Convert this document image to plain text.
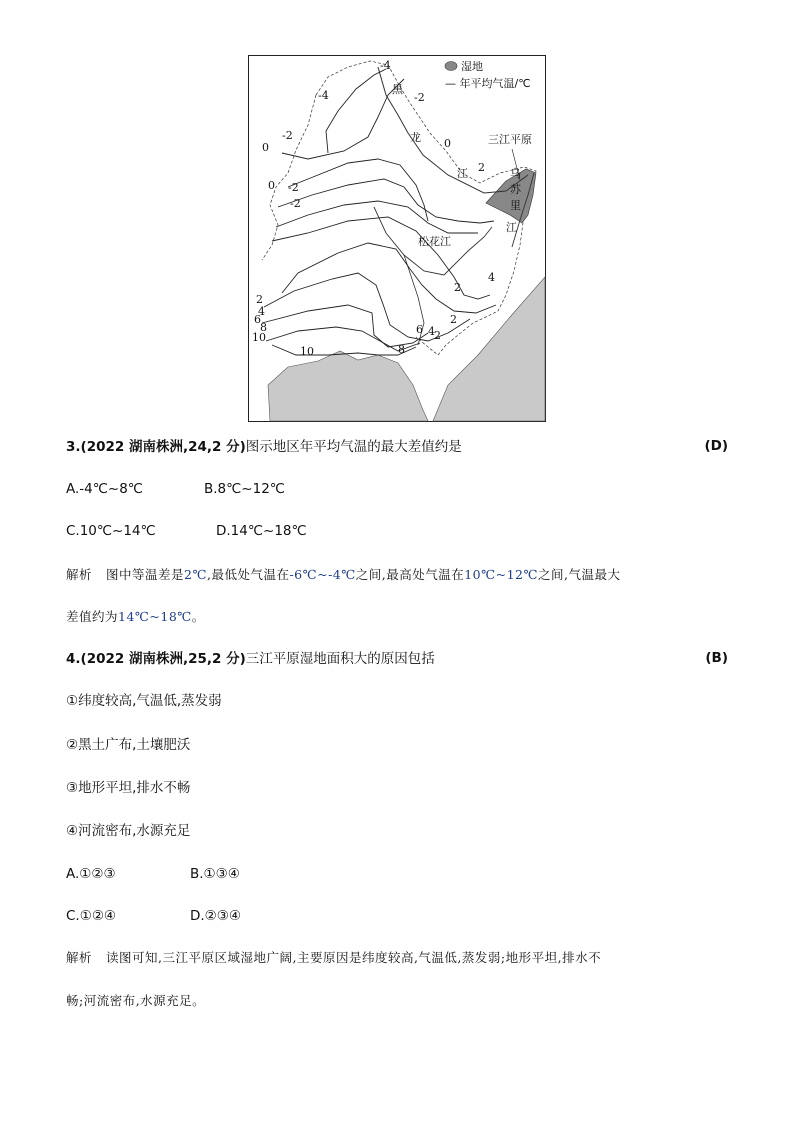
湿地
— 年平均气温/℃
三江平原
黑
龙
江
松花江
乌
苏
里
江
-4
-4	-2
-2
-2
-2
0
0
0
2
2
2
4
4
4
6
6
8
8
10
10
2
2
3.(2022 湖南株洲,24,2 分)图示地区年平均气温的最大差值约是	(D)
A.-4℃~8℃	B.8℃~12℃
C.10℃~14℃	D.14℃~18℃
解析 图中等温差是2℃,最低处气温在-6℃~-4℃之间,最高处气温在10℃~12℃之间,气温最大
差值约为14℃~18℃。
4.(2022 湖南株洲,25,2 分)三江平原湿地面积大的原因包括	(B)
①纬度较高,气温低,蒸发弱
②黑土广布,土壤肥沃
③地形平坦,排水不畅
④河流密布,水源充足
A.①②③	B.①③④
C.①②④	D.②③④
解析 读图可知,三江平原区域湿地广阔,主要原因是纬度较高,气温低,蒸发弱;地形平坦,排水不
畅;河流密布,水源充足。
